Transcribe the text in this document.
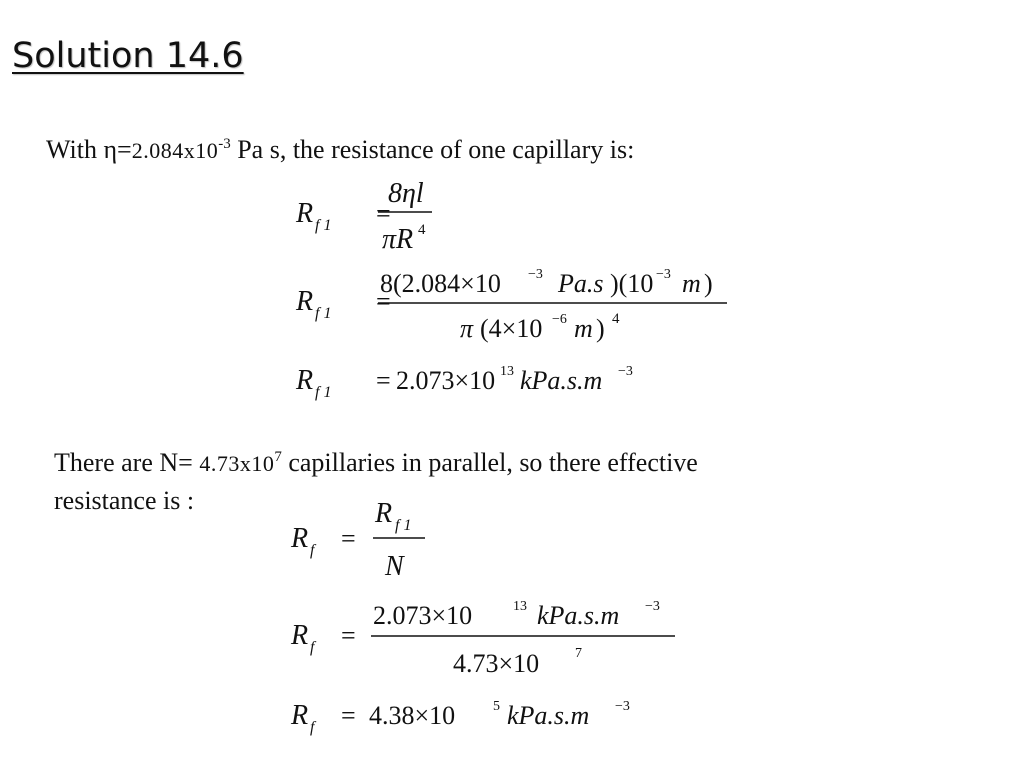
Solution 14.6
With $\eta=2.084x10^{-3}$ Pa s, the resistance of one capillary is:
There are $N= 4.73x10^7$ capillaries in parallel, so there effective
resistance is :
R f 1 =
8ηl
πR 4
R f 1 =
8(2.084×10 −3 Pa.s )(10 −3 m )
π (4×10 −6 m ) 4
R f 1 = 2.073×10 13 kPa.s.m −3
R f =
R f 1
N
R f =
2.073×10	13 kPa.s.m −3
4.73×10	7
R f = 4.38×10	5 kPa.s.m −3
